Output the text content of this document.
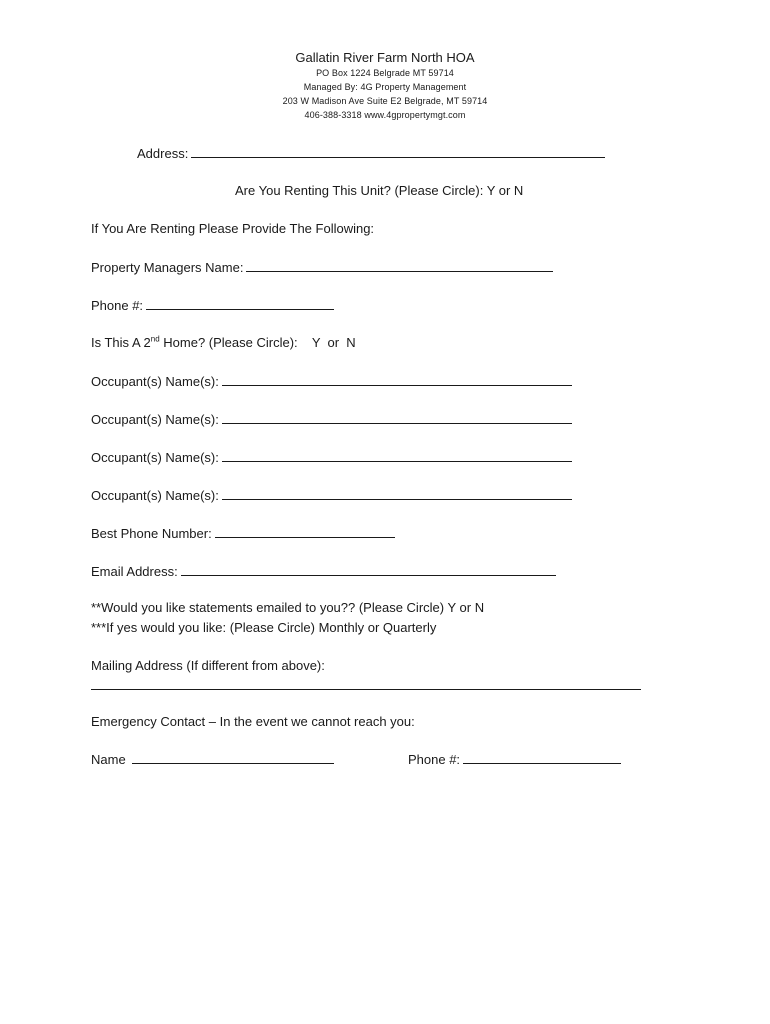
Gallatin River Farm North HOA
PO Box 1224 Belgrade MT 59714
Managed By: 4G Property Management
203 W Madison Ave Suite E2 Belgrade, MT 59714
406-388-3318 www.4gpropertymgt.com
Address:
Are You Renting This Unit? (Please Circle): Y or N
If You Are Renting Please Provide The Following:
Property Managers Name:
Phone #:
Is This A 2nd Home? (Please Circle):    Y  or  N
Occupant(s) Name(s):
Occupant(s) Name(s):
Occupant(s) Name(s):
Occupant(s) Name(s):
Best Phone Number:
Email Address:
**Would you like statements emailed to you?? (Please Circle) Y or N
***If yes would you like: (Please Circle) Monthly or Quarterly
Mailing Address (If different from above):
Emergency Contact – In the event we cannot reach you:
Name	Phone #:
